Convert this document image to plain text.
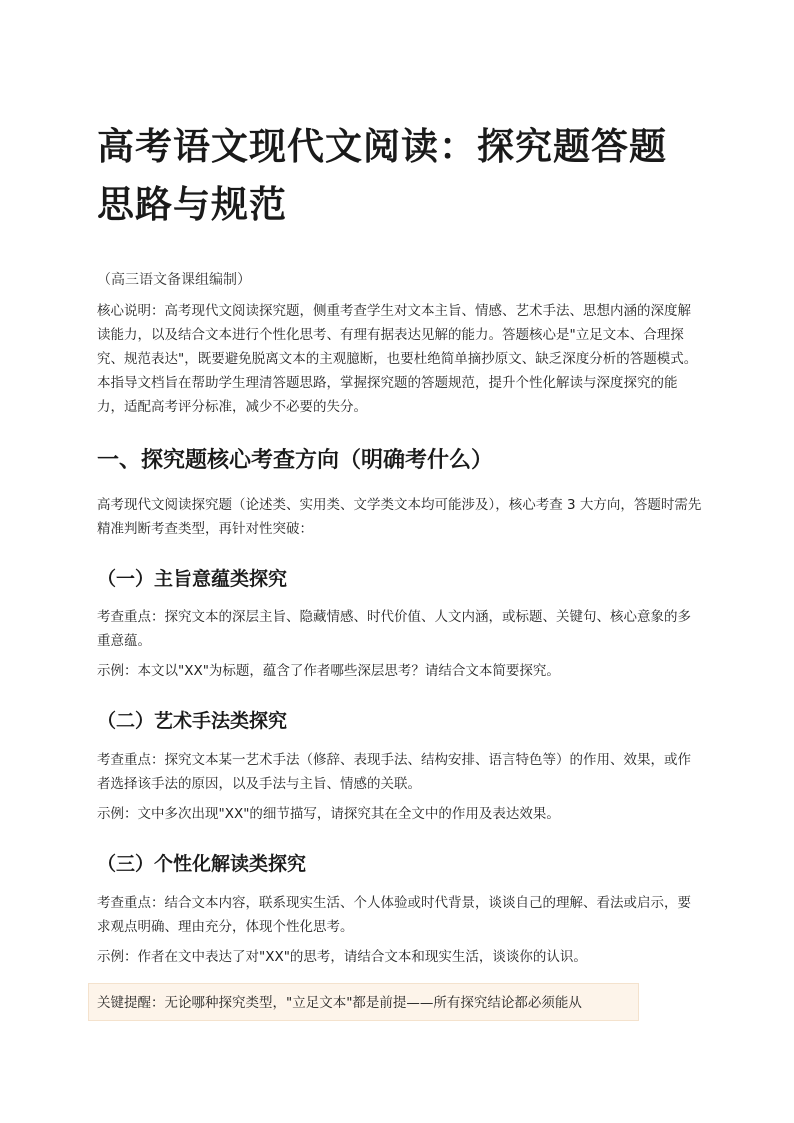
高考语文现代文阅读：探究题答题思路与规范
（高三语文备课组编制）

核心说明：高考现代文阅读探究题，侧重考查学生对文本主旨、情感、艺术手法、思想内涵的深度解读能力，以及结合文本进行个性化思考、有理有据表达见解的能力。答题核心是"立足文本、合理探究、规范表达"，既要避免脱离文本的主观臆断，也要杜绝简单摘抄原文、缺乏深度分析的答题模式。本指导文档旨在帮助学生理清答题思路，掌握探究题的答题规范，提升个性化解读与深度探究的能力，适配高考评分标准，减少不必要的失分。

一、探究题核心考查方向（明确考什么）

高考现代文阅读探究题（论述类、实用类、文学类文本均可能涉及），核心考查 3 大方向，答题时需先精准判断考查类型，再针对性突破：

（一）主旨意蕴类探究

考查重点：探究文本的深层主旨、隐藏情感、时代价值、人文内涵，或标题、关键句、核心意象的多重意蕴。

示例：本文以"XX"为标题，蕴含了作者哪些深层思考？请结合文本简要探究。

（二）艺术手法类探究

考查重点：探究文本某一艺术手法（修辞、表现手法、结构安排、语言特色等）的作用、效果，或作者选择该手法的原因，以及手法与主旨、情感的关联。

示例：文中多次出现"XX"的细节描写，请探究其在全文中的作用及表达效果。

（三）个性化解读类探究

考查重点：结合文本内容，联系现实生活、个人体验或时代背景，谈谈自己的理解、看法或启示，要求观点明确、理由充分，体现个性化思考。

示例：作者在文中表达了对"XX"的思考，请结合文本和现实生活，谈谈你的认识。

关键提醒：无论哪种探究类型，"立足文本"都是前提——所有探究结论都必须能从
